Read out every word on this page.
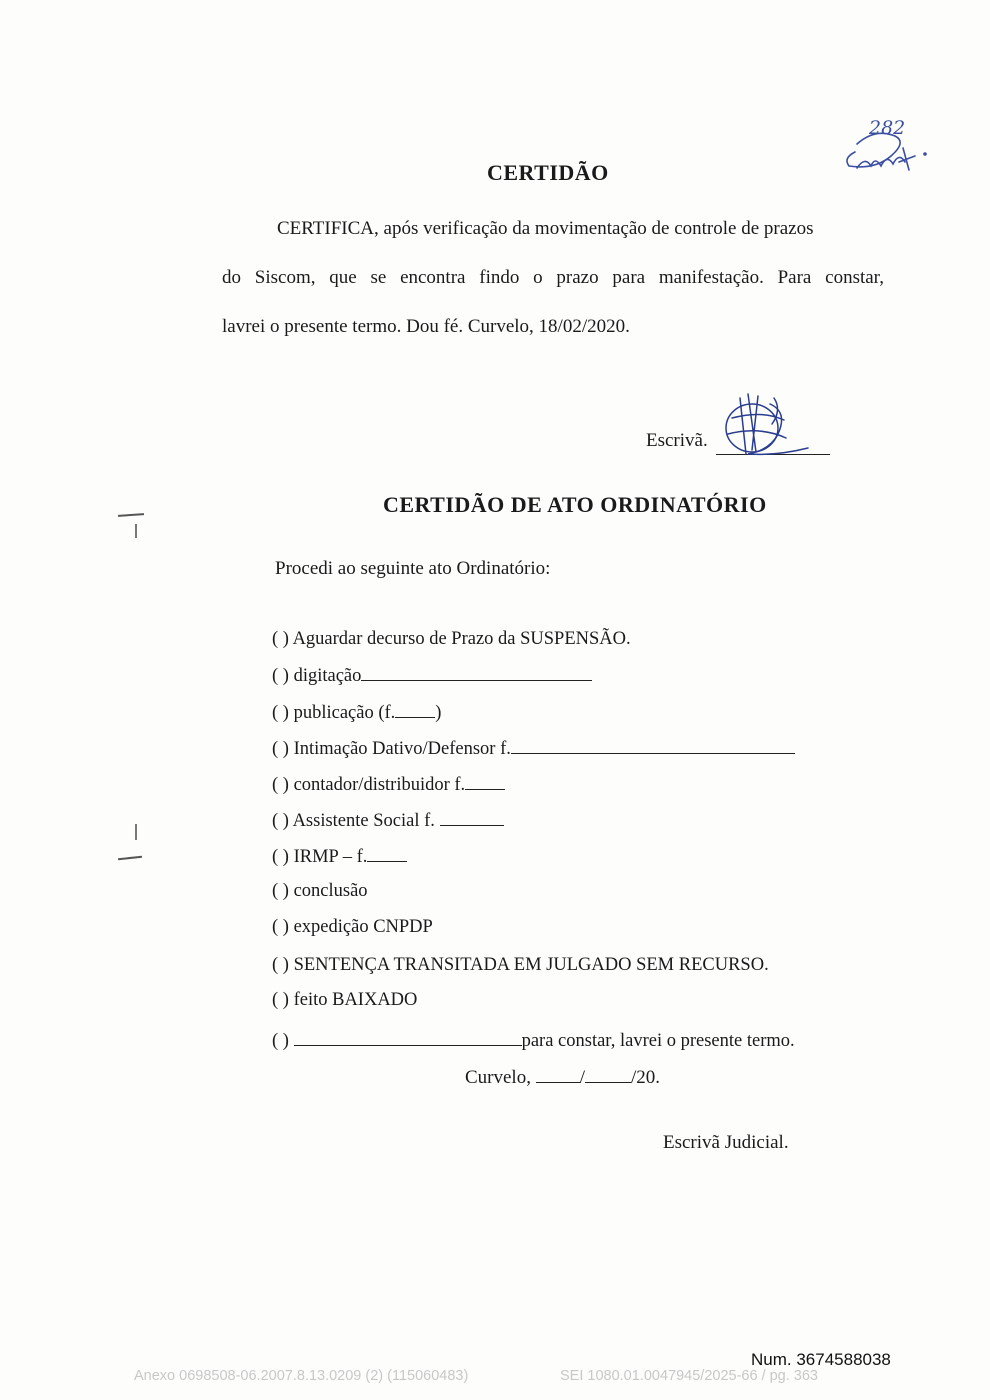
282
CERTIDÃO
CERTIFICA, após verificação da movimentação de controle de prazos
do Siscom, que se encontra findo o prazo para manifestação. Para constar,
lavrei o presente termo. Dou fé. Curvelo, 18/02/2020.
Escrivã.
CERTIDÃO DE ATO ORDINATÓRIO
Procedi ao seguinte ato Ordinatório:
( ) Aguardar decurso de Prazo da SUSPENSÃO.
( ) digitação
( ) publicação (f. )
( ) Intimação Dativo/Defensor f.
( ) contador/distribuidor f.
( ) Assistente Social f.
( ) IRMP – f.
( ) conclusão
( ) expedição CNPDP
( ) SENTENÇA TRANSITADA EM JULGADO SEM RECURSO.
( ) feito BAIXADO
( )	para constar, lavrei o presente termo.
Curvelo,	/ /20.
Escrivã Judicial.
Num. 3674588038
Anexo 0698508-06.2007.8.13.0209 (2) (115060483)	SEI 1080.01.0047945/2025-66 / pg. 363
